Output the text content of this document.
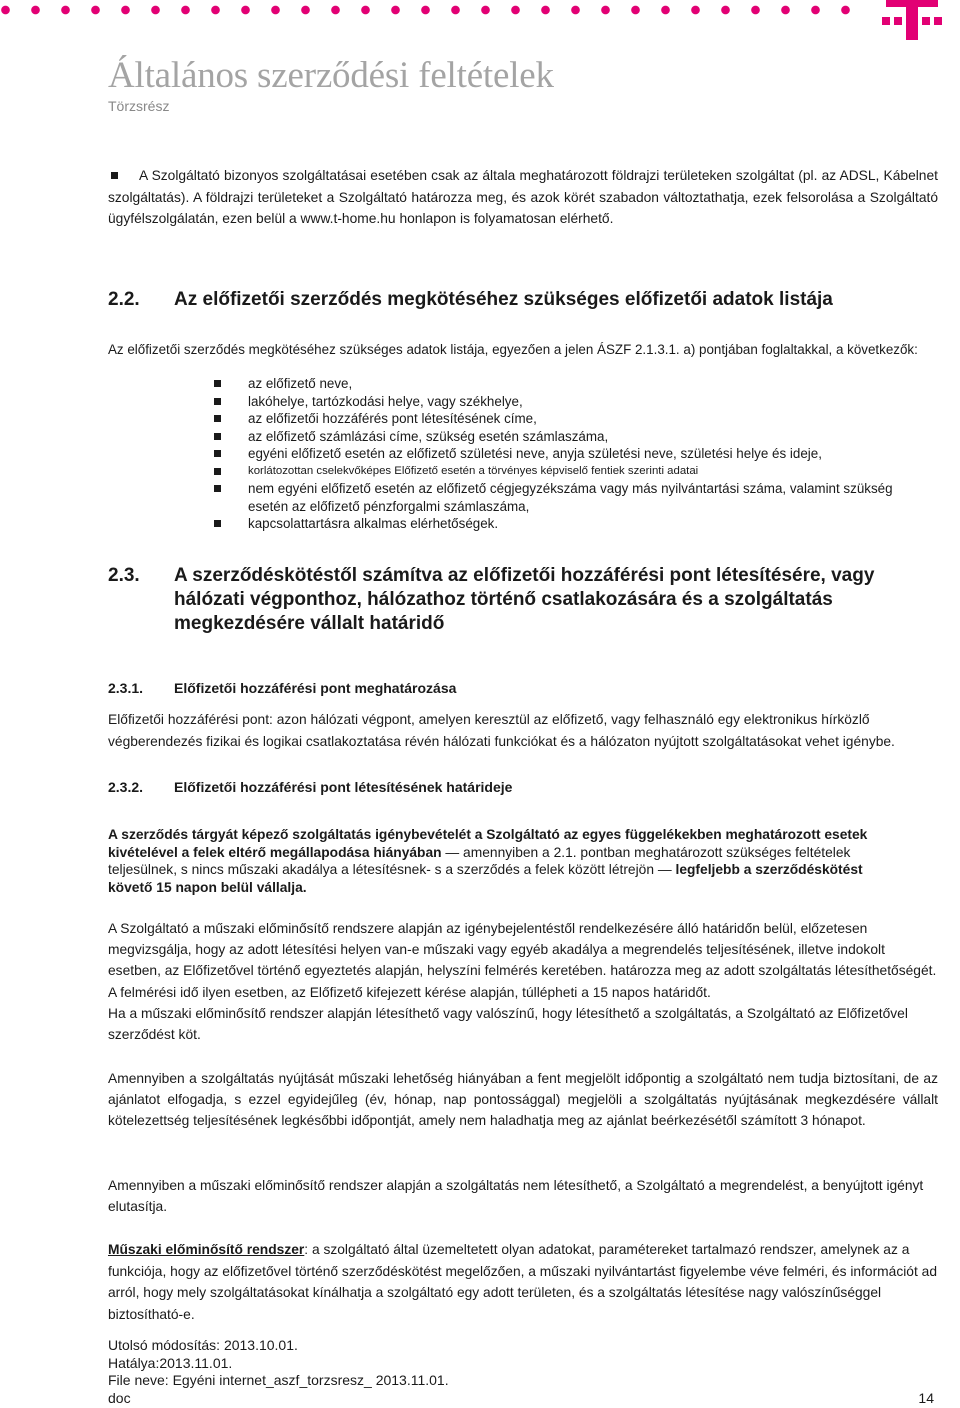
Általános szerződési feltételek
Törzsrész
A Szolgáltató bizonyos szolgáltatásai esetében csak az általa meghatározott földrajzi területeken szolgáltat (pl. az ADSL, Kábelnet szolgáltatás). A földrajzi területeket a Szolgáltató határozza meg, és azok körét szabadon változtathatja, ezek felsorolása a Szolgáltató ügyfélszolgálatán, ezen belül a www.t-home.hu honlapon is folyamatosan elérhető.
2.2. Az előfizetői szerződés megkötéséhez szükséges előfizetői adatok listája

Az előfizetői szerződés megkötéséhez szükséges adatok listája, egyezően a jelen ÁSZF 2.1.3.1. a) pontjában foglaltakkal, a következők:

az előfizető neve,
lakóhelye, tartózkodási helye, vagy székhelye,
az előfizetői hozzáférés pont létesítésének címe,
az előfizető számlázási címe, szükség esetén számlaszáma,
egyéni előfizető esetén az előfizető születési neve, anyja születési neve, születési helye és ideje,
korlátozottan cselekvőképes Előfizető esetén a törvényes képviselő fentiek szerinti adatai
nem egyéni előfizető esetén az előfizető cégjegyzékszáma vagy más nyilvántartási száma, valamint szükség esetén az előfizető pénzforgalmi számlaszáma,
kapcsolattartásra alkalmas elérhetőségek.
2.3. A szerződéskötéstől számítva az előfizetői hozzáférési pont létesítésére, vagy hálózati végponthoz, hálózathoz történő csatlakozására és a szolgáltatás megkezdésére vállalt határidő
2.3.1. Előfizetői hozzáférési pont meghatározása

Előfizetői hozzáférési pont: azon hálózati végpont, amelyen keresztül az előfizető, vagy felhasználó egy elektronikus hírközlő végberendezés fizikai és logikai csatlakoztatása révén hálózati funkciókat és a hálózaton nyújtott szolgáltatásokat vehet igénybe.

2.3.2. Előfizetői hozzáférési pont létesítésének határideje

A szerződés tárgyát képező szolgáltatás igénybevételét a Szolgáltató az egyes függelékekben meghatározott esetek kivételével a felek eltérő megállapodása hiányában — amennyiben a 2.1. pontban meghatározott szükséges feltételek teljesülnek, s nincs műszaki akadálya a létesítésnek- s a szerződés a felek között létrejön — legfeljebb a szerződéskötést követő 15 napon belül vállalja.

A Szolgáltató a műszaki előminősítő rendszere alapján az igénybejelentéstől rendelkezésére álló határidőn belül, előzetesen megvizsgálja, hogy az adott létesítési helyen van-e műszaki vagy egyéb akadálya a megrendelés teljesítésének, illetve indokolt esetben, az Előfizetővel történő egyeztetés alapján, helyszíni felmérés keretében. határozza meg az adott szolgáltatás létesíthetőségét. A felmérési idő ilyen esetben, az Előfizető kifejezett kérése alapján, túllépheti a 15 napos határidőt.

Ha a műszaki előminősítő rendszer alapján létesíthető vagy valószínű, hogy létesíthető a szolgáltatás, a Szolgáltató az Előfizetővel szerződést köt.

Amennyiben a szolgáltatás nyújtását műszaki lehetőség hiányában a fent megjelölt időpontig a szolgáltató nem tudja biztosítani, de az ajánlatot elfogadja, s ezzel egyidejűleg (év, hónap, nap pontossággal) megjelöli a szolgáltatás nyújtásának megkezdésére vállalt kötelezettség teljesítésének legkésőbbi időpontját, amely nem haladhatja meg az ajánlat beérkezésétől számított 3 hónapot.

Amennyiben a műszaki előminősítő rendszer alapján a szolgáltatás nem létesíthető, a Szolgáltató a megrendelést, a benyújtott igényt elutasítja.

Műszaki előminősítő rendszer: a szolgáltató által üzemeltetett olyan adatokat, paramétereket tartalmazó rendszer, amelynek az a funkciója, hogy az előfizetővel történő szerződéskötést megelőzően, a műszaki nyilvántartást figyelembe véve felméri, és információt ad arról, hogy mely szolgáltatásokat kínálhatja a szolgáltató egy adott területen, és a szolgáltatás létesítése nagy valószínűséggel biztosítható-e.

Utolsó módosítás: 2013.10.01.
Hatálya:2013.11.01.
File neve: Egyéni internet_aszf_torzsresz_ 2013.11.01.
doc	14
